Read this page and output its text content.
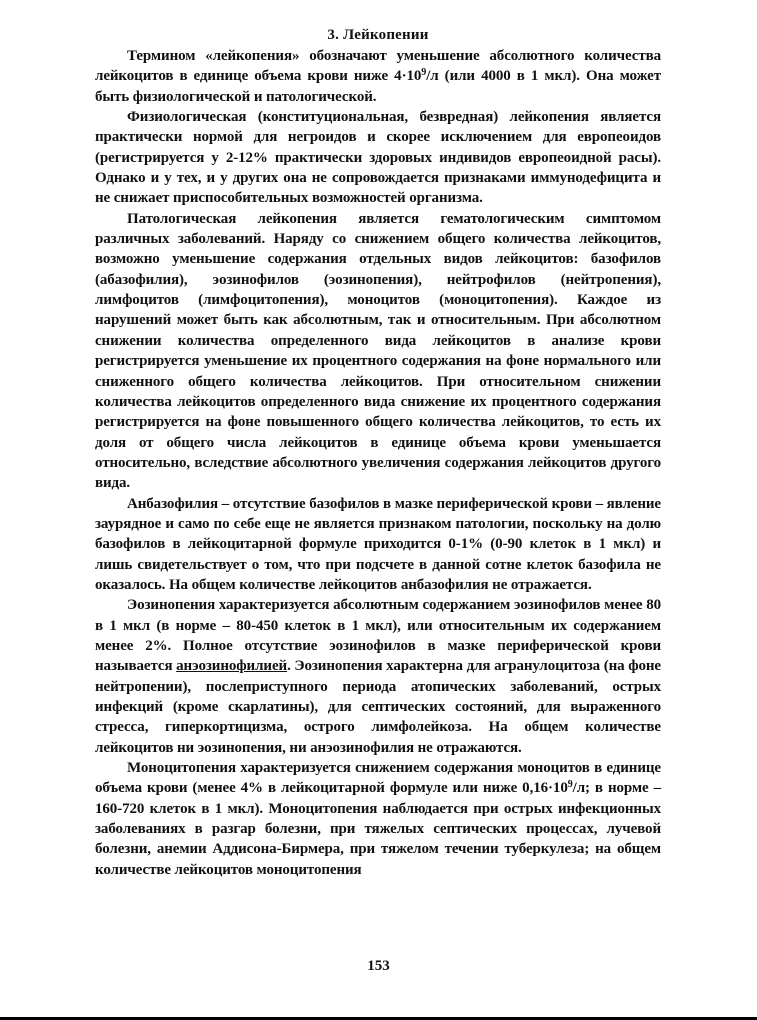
3. Лейкопении

Термином «лейкопения» обозначают уменьшение абсолютного количества лейкоцитов в единице объема крови ниже $4\cdot 10^9/л$ (или 4000 в 1 мкл). Она может быть физиологической и патологической.

Физиологическая (конституциональная, безвредная) лейкопения является практически нормой для негроидов и скорее исключением для европеоидов (регистрируется у 2-12% практически здоровых индивидов европеоидной расы). Однако и у тех, и у других она не сопровождается признаками иммунодефицита и не снижает приспособительных возможностей организма.

Патологическая лейкопения является гематологическим симптомом различных заболеваний. Наряду со снижением общего количества лейкоцитов, возможно уменьшение содержания отдельных видов лейкоцитов: базофилов (абазофилия), эозинофилов (эозинопения), нейтрофилов (нейтропения), лимфоцитов (лимфоцитопения), моноцитов (моноцитопения). Каждое из нарушений может быть как абсолютным, так и относительным. При абсолютном снижении количества определенного вида лейкоцитов в анализе крови регистрируется уменьшение их процентного содержания на фоне нормального или сниженного общего количества лейкоцитов. При относительном снижении количества лейкоцитов определенного вида снижение их процентного содержания регистрируется на фоне повышенного общего количества лейкоцитов, то есть их доля от общего числа лейкоцитов в единице объема крови уменьшается относительно, вследствие абсолютного увеличения содержания лейкоцитов другого вида.

Анбазофилия – отсутствие базофилов в мазке периферической крови – явление заурядное и само по себе еще не является признаком патологии, поскольку на долю базофилов в лейкоцитарной формуле приходится 0-1% (0-90 клеток в 1 мкл) и лишь свидетельствует о том, что при подсчете в данной сотне клеток базофила не оказалось. На общем количестве лейкоцитов анбазофилия не отражается.

Эозинопения характеризуется абсолютным содержанием эозинофилов менее 80 в 1 мкл (в норме – 80-450 клеток в 1 мкл), или относительным их содержанием менее 2%. Полное отсутствие эозинофилов в мазке периферической крови называется анэозинофилией. Эозинопения характерна для агранулоцитоза (на фоне нейтропении), послеприступного периода атопических заболеваний, острых инфекций (кроме скарлатины), для септических состояний, для выраженного стресса, гиперкортицизма, острого лимфолейкоза. На общем количестве лейкоцитов ни эозинопения, ни анэозинофилия не отражаются.

Моноцитопения характеризуется снижением содержания моноцитов в единице объема крови (менее 4% в лейкоцитарной формуле или ниже $0,16\cdot 10^9/л$; в норме – 160-720 клеток в 1 мкл). Моноцитопения наблюдается при острых инфекционных заболеваниях в разгар болезни, при тяжелых септических процессах, лучевой болезни, анемии Аддисона-Бирмера, при тяжелом течении туберкулеза; на общем количестве лейкоцитов моноцитопения

153
